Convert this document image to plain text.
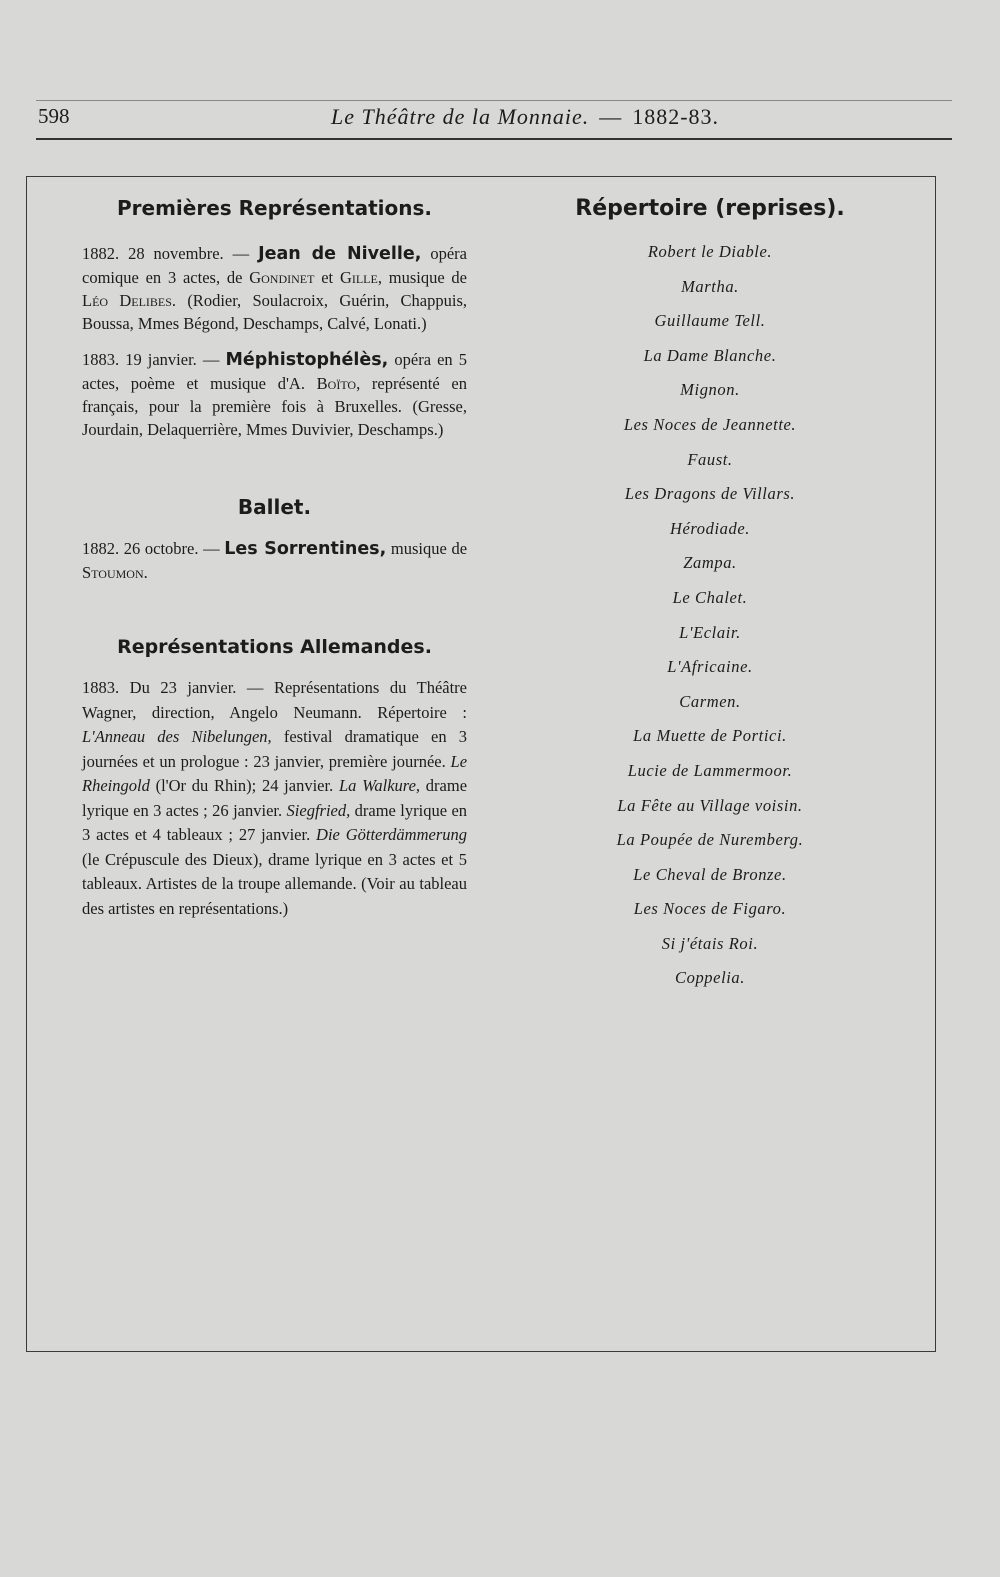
598	Le Théâtre de la Monnaie. — 1882-83.

Premières Représentations.

1882. 28 novembre. — Jean de Nivelle, opéra comique en 3 actes, de Gondinet et Gille, musique de Léo Delibes. (Rodier, Soulacroix, Guérin, Chappuis, Boussa, Mmes Bégond, Deschamps, Calvé, Lonati.)

1883. 19 janvier. — Méphistophélès, opéra en 5 actes, poème et musique d'A. Boïto, représenté en français, pour la première fois à Bruxelles. (Gresse, Jourdain, Delaquerrière, Mmes Duvivier, Deschamps.)

Ballet.

1882. 26 octobre. — Les Sorrentines, musique de Stoumon.

Représentations Allemandes.

1883. Du 23 janvier. — Représentations du Théâtre Wagner, direction, Angelo Neumann. Répertoire : L'Anneau des Nibelungen, festival dramatique en 3 journées et un prologue : 23 janvier, première journée. Le Rheingold (l'Or du Rhin); 24 janvier. La Walkure, drame lyrique en 3 actes ; 26 janvier. Siegfried, drame lyrique en 3 actes et 4 tableaux ; 27 janvier. Die Götterdämmerung (le Crépuscule des Dieux), drame lyrique en 3 actes et 5 tableaux. Artistes de la troupe allemande. (Voir au tableau des artistes en représentations.)

Répertoire (reprises).
Robert le Diable.
Martha.
Guillaume Tell.
La Dame Blanche.
Mignon.
Les Noces de Jeannette.
Faust.
Les Dragons de Villars.
Hérodiade.
Zampa.
Le Chalet.
L'Eclair.
L'Africaine.
Carmen.
La Muette de Portici.
Lucie de Lammermoor.
La Fête au Village voisin.
La Poupée de Nuremberg.
Le Cheval de Bronze.
Les Noces de Figaro.
Si j'étais Roi.
Coppelia.
